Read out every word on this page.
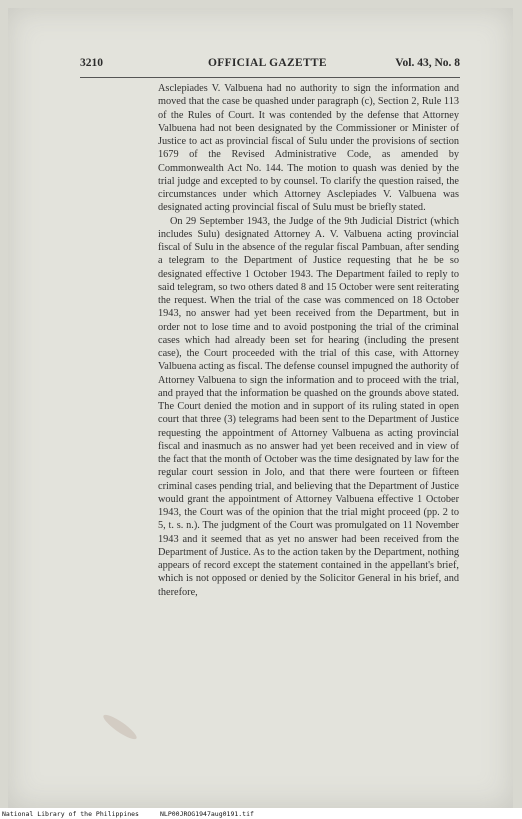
3210	OFFICIAL GAZETTE	Vol. 43, No. 8

Asclepiades V. Valbuena had no authority to sign the information and moved that the case be quashed under paragraph (c), Section 2, Rule 113 of the Rules of Court. It was contended by the defense that Attorney Valbuena had not been designated by the Commissioner or Minister of Justice to act as provincial fiscal of Sulu under the provisions of section 1679 of the Revised Administrative Code, as amended by Commonwealth Act No. 144. The motion to quash was denied by the trial judge and excepted to by counsel. To clarify the question raised, the circumstances under which Attorney Asclepiades V. Valbuena was designated acting provincial fiscal of Sulu must be briefly stated.

On 29 September 1943, the Judge of the 9th Judicial District (which includes Sulu) designated Attorney A. V. Valbuena acting provincial fiscal of Sulu in the absence of the regular fiscal Pambuan, after sending a telegram to the Department of Justice requesting that he be so designated effective 1 October 1943. The Department failed to reply to said telegram, so two others dated 8 and 15 October were sent reiterating the request. When the trial of the case was commenced on 18 October 1943, no answer had yet been received from the Department, but in order not to lose time and to avoid postponing the trial of the criminal cases which had already been set for hearing (including the present case), the Court proceeded with the trial of this case, with Attorney Valbuena acting as fiscal. The defense counsel impugned the authority of Attorney Valbuena to sign the information and to proceed with the trial, and prayed that the information be quashed on the grounds above stated. The Court denied the motion and in support of its ruling stated in open court that three (3) telegrams had been sent to the Department of Justice requesting the appointment of Attorney Valbuena as acting provincial fiscal and inasmuch as no answer had yet been received and in view of the fact that the month of October was the time designated by law for the regular court session in Jolo, and that there were fourteen or fifteen criminal cases pending trial, and believing that the Department of Justice would grant the appointment of Attorney Valbuena effective 1 October 1943, the Court was of the opinion that the trial might proceed (pp. 2 to 5, t. s. n.). The judgment of the Court was promulgated on 11 November 1943 and it seemed that as yet no answer had been received from the Department of Justice. As to the action taken by the Department, nothing appears of record except the statement contained in the appellant's brief, which is not opposed or denied by the Solicitor General in his brief, and therefore,

National Library of the Philippines	NLP00JROG1947aug0191.tif
